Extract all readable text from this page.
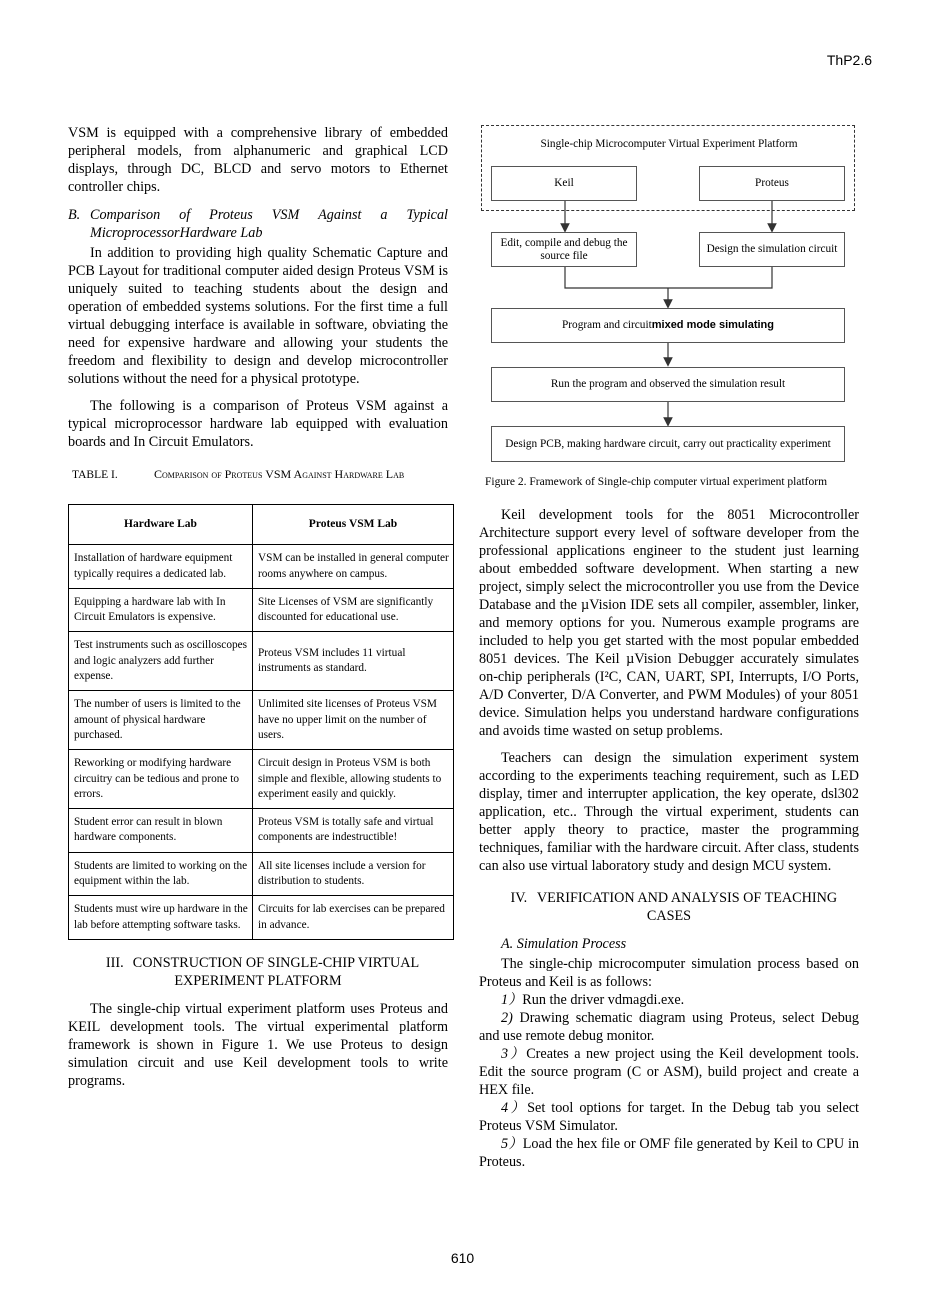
ThP2.6

VSM is equipped with a comprehensive library of embedded peripheral models, from alphanumeric and graphical LCD displays, through DC, BLCD and servo motors to Ethernet controller chips.

B. Comparison of Proteus VSM Against a Typical MicroprocessorHardware Lab

In addition to providing high quality Schematic Capture and PCB Layout for traditional computer aided design Proteus VSM is uniquely suited to teaching students about the design and operation of embedded systems solutions. For the first time a full virtual debugging interface is available in software, obviating the need for expensive hardware and allowing your students the freedom and flexibility to design and develop microcontroller solutions without the need for a physical prototype.

The following is a comparison of Proteus VSM against a typical microprocessor hardware lab equipped with evaluation boards and In Circuit Emulators.

TABLE I.	Comparison of Proteus VSM Against Hardware Lab
Hardware Lab	Proteus VSM Lab
Installation of hardware equipment typically requires a dedicated lab.	VSM can be installed in general computer rooms anywhere on campus.
Equipping a hardware lab with In Circuit Emulators is expensive.	Site Licenses of VSM are significantly discounted for educational use.
Test instruments such as oscilloscopes and logic analyzers add further expense.	Proteus VSM includes 11 virtual instruments as standard.
The number of users is limited to the amount of physical hardware purchased.	Unlimited site licenses of Proteus VSM have no upper limit on the number of users.
Reworking or modifying hardware circuitry can be tedious and prone to errors.	Circuit design in Proteus VSM is both simple and flexible, allowing students to experiment easily and quickly.
Student error can result in blown hardware components.	Proteus VSM is totally safe and virtual components are indestructible!
Students are limited to working on the equipment within the lab.	All site licenses include a version for distribution to students.
Students must wire up hardware in the lab before attempting software tasks.	Circuits for lab exercises can be prepared in advance.
III. CONSTRUCTION OF SINGLE-CHIP VIRTUAL EXPERIMENT PLATFORM

The single-chip virtual experiment platform uses Proteus and KEIL development tools. The virtual experimental platform framework is shown in Figure 1. We use Proteus to design simulation circuit and use Keil development tools to write programs.

Single-chip Microcomputer Virtual Experiment Platform
Keil	Proteus
Edit, compile and debug the source file
Design the simulation circuit
Program and circuit mixed mode simulating
Run the program and observed the simulation result
Design PCB, making hardware circuit, carry out practicality experiment
Figure 2. Framework of Single-chip computer virtual experiment platform

Keil development tools for the 8051 Microcontroller Architecture support every level of software developer from the professional applications engineer to the student just learning about embedded software development. When starting a new project, simply select the microcontroller you use from the Device Database and the µVision IDE sets all compiler, assembler, linker, and memory options for you. Numerous example programs are included to help you get started with the most popular embedded 8051 devices. The Keil µVision Debugger accurately simulates on-chip peripherals (I²C, CAN, UART, SPI, Interrupts, I/O Ports, A/D Converter, D/A Converter, and PWM Modules) of your 8051 device. Simulation helps you understand hardware configurations and avoids time wasted on setup problems.

Teachers can design the simulation experiment system according to the experiments teaching requirement, such as LED display, timer and interrupter application, the key operate, dsl302 application, etc.. Through the virtual experiment, students can better apply theory to practice, master the programming techniques, familiar with the hardware circuit. After class, students can also use virtual laboratory study and design MCU system.

IV. VERIFICATION AND ANALYSIS OF TEACHING CASES

A. Simulation Process

The single-chip microcomputer simulation process based on Proteus and Keil is as follows:

1）Run the driver vdmagdi.exe.

2) Drawing schematic diagram using Proteus, select Debug and use remote debug monitor.

3）Creates a new project using the Keil development tools. Edit the source program (C or ASM), build project and create a HEX file.

4）Set tool options for target. In the Debug tab you select Proteus VSM Simulator.

5）Load the hex file or OMF file generated by Keil to CPU in Proteus.

610
